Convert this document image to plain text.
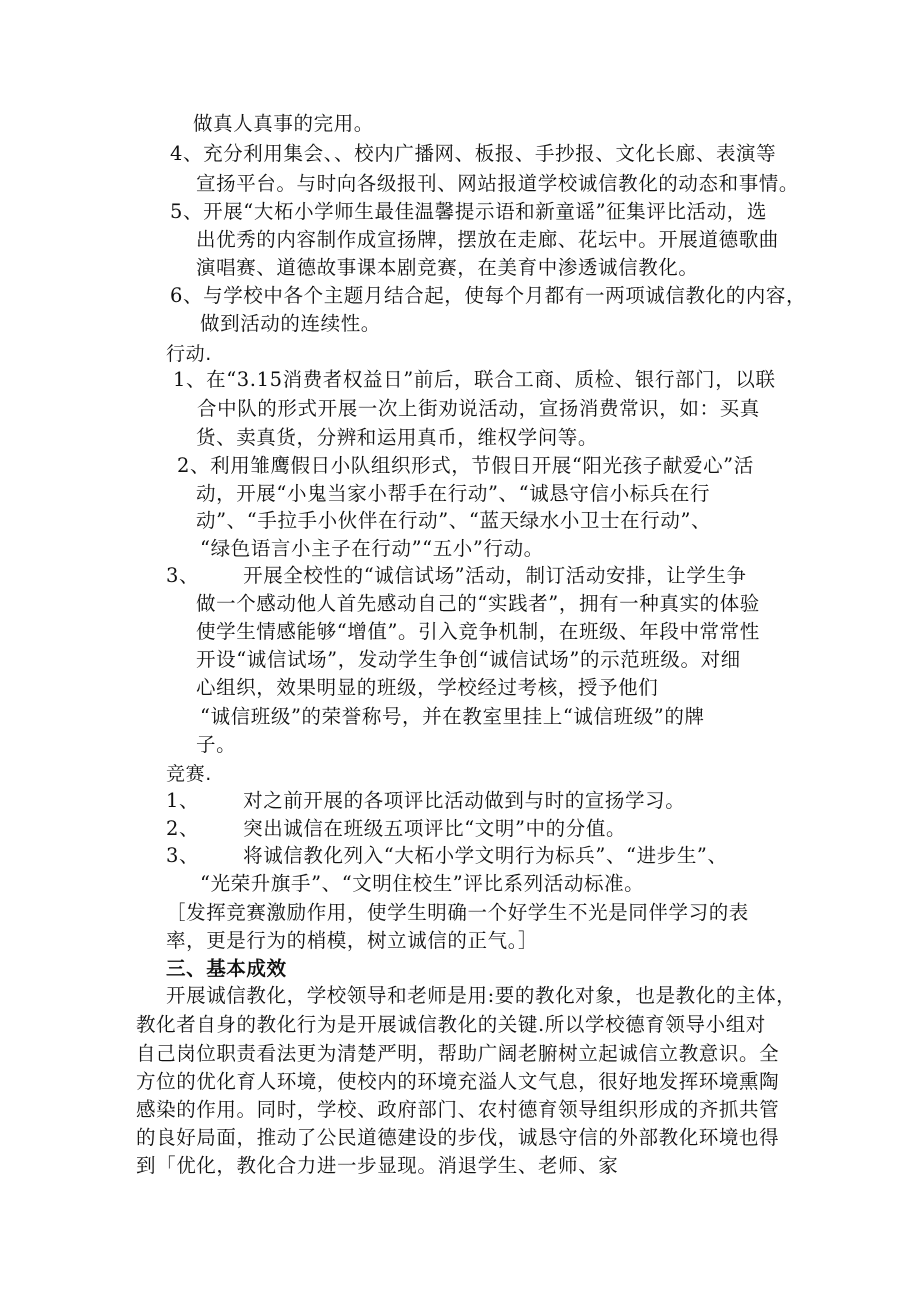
做真人真事的完用。
4、充分利用集会、、校内广播网、板报、手抄报、文化长廊、表演等
宣扬平台。与时向各级报刊、网站报道学校诚信教化的动态和事情。
5、开展“大柘小学师生最佳温馨提示语和新童谣”征集评比活动，选
出优秀的内容制作成宣扬牌，摆放在走廊、花坛中。开展道德歌曲
演唱赛、道德故事课本剧竞赛，在美育中渗透诚信教化。
6、与学校中各个主题月结合起，使每个月都有一两项诚信教化的内容，
做到活动的连续性。
行动.
1、在“3.15消费者权益日”前后，联合工商、质检、银行部门，以联
合中队的形式开展一次上街劝说活动，宣扬消费常识，如：买真
货、卖真货，分辨和运用真币，维权学问等。
2、利用雏鹰假日小队组织形式，节假日开展“阳光孩子献爱心”活
动，开展“小鬼当家小帮手在行动”、“诚恳守信小标兵在行
动”、“手拉手小伙伴在行动”、“蓝天绿水小卫士在行动”、
“绿色语言小主子在行动”“五小”行动。
3、 开展全校性的“诚信试场”活动，制订活动安排，让学生争
做一个感动他人首先感动自己的“实践者”，拥有一种真实的体验
使学生情感能够“增值”。引入竞争机制，在班级、年段中常常性
开设“诚信试场”，发动学生争创“诚信试场”的示范班级。对细
心组织，效果明显的班级，学校经过考核，授予他们
“诚信班级”的荣誉称号，并在教室里挂上“诚信班级”的牌
子。
竞赛.
1、 对之前开展的各项评比活动做到与时的宣扬学习。
2、 突出诚信在班级五项评比“文明”中的分值。
3、 将诚信教化列入“大柘小学文明行为标兵”、“进步生”、
“光荣升旗手”、“文明住校生”评比系列活动标准。
［发挥竞赛激励作用，使学生明确一个好学生不光是同伴学习的表
率，更是行为的梢模，树立诚信的正气。］
三、基本成效
开展诚信教化，学校领导和老师是用:要的教化对象，也是教化的主体，
教化者自身的教化行为是开展诚信教化的关键.所以学校德育领导小组对
自己岗位职责看法更为清楚严明，帮助广阔老腑树立起诚信立教意识。全
方位的优化育人环境，使校内的环境充溢人文气息，很好地发挥环境熏陶
感染的作用。同时，学校、政府部门、农村德育领导组织形成的齐抓共管
的良好局面，推动了公民道德建设的步伐，诚恳守信的外部教化环境也得
到「优化，教化合力进一步显现。消退学生、老师、家
